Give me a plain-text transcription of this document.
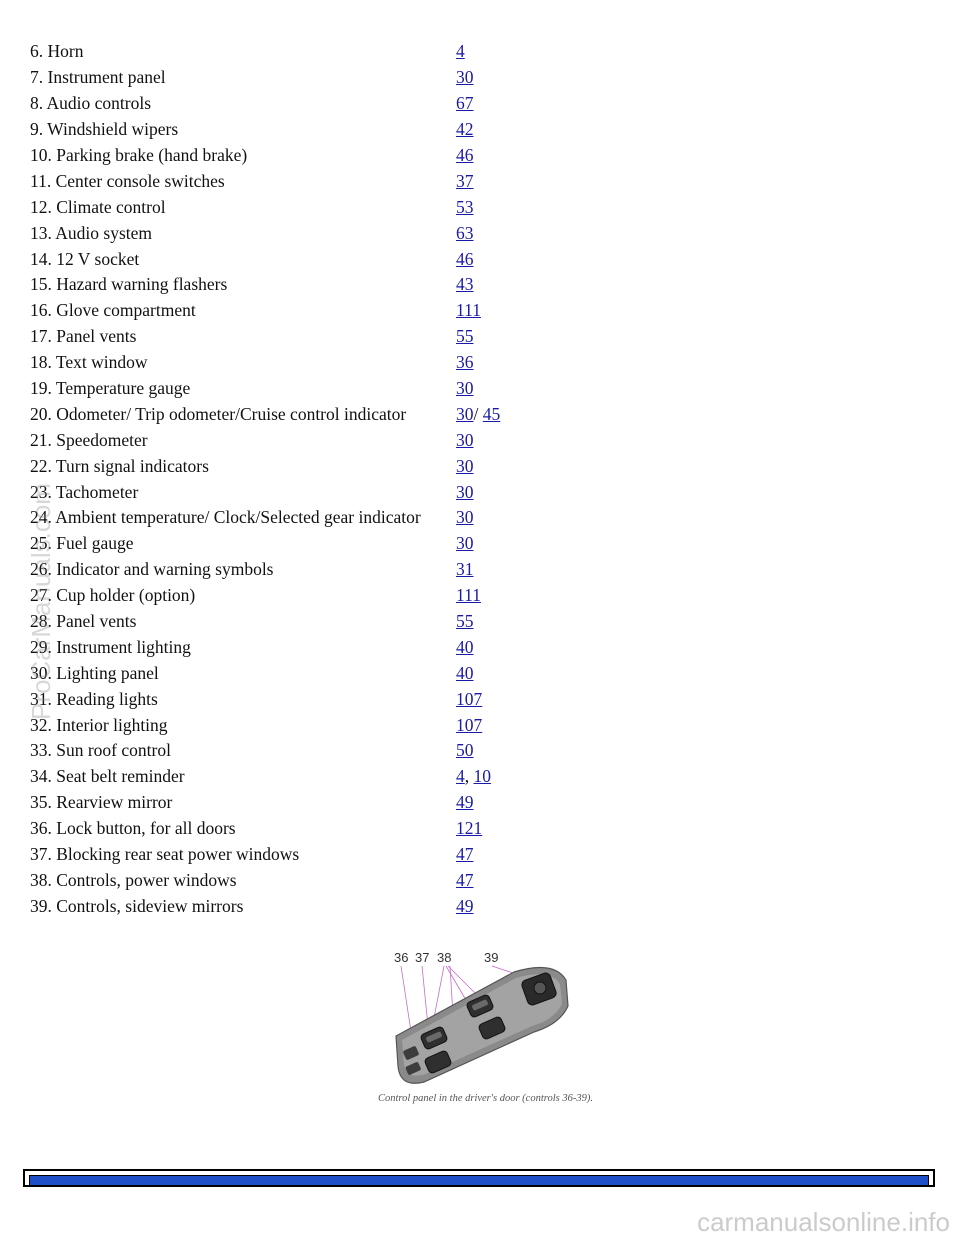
6. Horn	4
7. Instrument panel	30
8. Audio controls	67
9. Windshield wipers	42
10. Parking brake (hand brake)	46
11. Center console switches	37
12. Climate control	53
13. Audio system	63
14. 12 V socket	46
15. Hazard warning flashers	43
16. Glove compartment	111
17. Panel vents	55
18. Text window	36
19. Temperature gauge	30
20. Odometer/ Trip odometer/Cruise control indicator	30/ 45
21. Speedometer	30
22. Turn signal indicators	30
23. Tachometer	30
24. Ambient temperature/ Clock/Selected gear indicator	30
25. Fuel gauge	30
26. Indicator and warning symbols	31
27. Cup holder (option)	111
28. Panel vents	55
29. Instrument lighting	40
30. Lighting panel	40
31. Reading lights	107
32. Interior lighting	107
33. Sun roof control	50
34. Seat belt reminder	4, 10
35. Rearview mirror	49
36. Lock button, for all doors	121
37. Blocking rear seat power windows	47
38. Controls, power windows	47
39. Controls, sideview mirrors	49
36 37 38	39
Control panel in the driver's door (controls 36-39).
ProCarManuals.com
carmanualsonline.info
